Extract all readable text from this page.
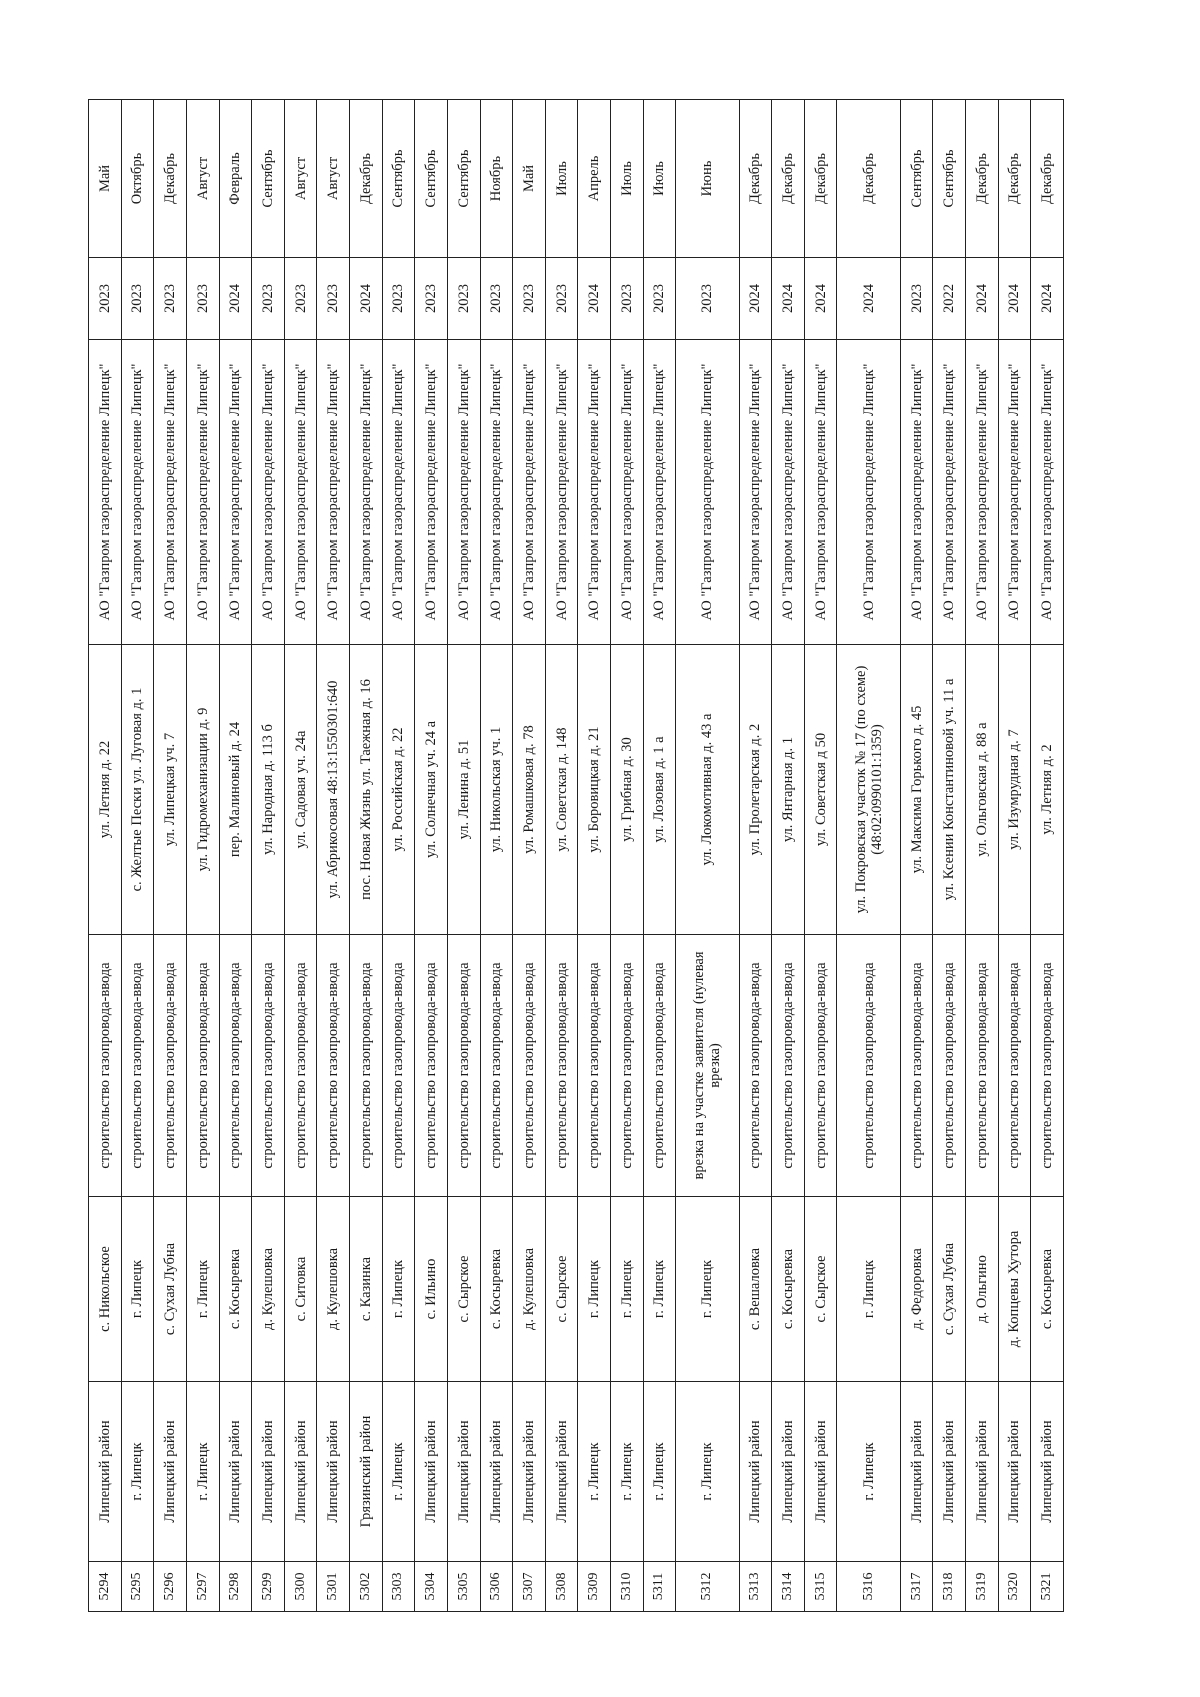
5294	Липецкий район	с. Никольское	строительство газопровода-ввода	ул. Летняя д. 22	АО "Газпром газораспределение Липецк"	2023	Май
5295	г. Липецк	г. Липецк	строительство газопровода-ввода	с. Желтые Пески ул. Луговая д. 1	АО "Газпром газораспределение Липецк"	2023	Октябрь
5296	Липецкий район	с. Сухая Лубна	строительство газопровода-ввода	ул. Липецкая уч. 7	АО "Газпром газораспределение Липецк"	2023	Декабрь
5297	г. Липецк	г. Липецк	строительство газопровода-ввода	ул. Гидромеханизации д. 9	АО "Газпром газораспределение Липецк"	2023	Август
5298	Липецкий район	с. Косыревка	строительство газопровода-ввода	пер. Малиновый д. 24	АО "Газпром газораспределение Липецк"	2024	Февраль
5299	Липецкий район	д. Кулешовка	строительство газопровода-ввода	ул. Народная д. 113 б	АО "Газпром газораспределение Липецк"	2023	Сентябрь
5300	Липецкий район	с. Ситовка	строительство газопровода-ввода	ул. Садовая уч. 24а	АО "Газпром газораспределение Липецк"	2023	Август
5301	Липецкий район	д. Кулешовка	строительство газопровода-ввода	ул. Абрикосовая 48:13:1550301:640	АО "Газпром газораспределение Липецк"	2023	Август
5302	Грязинский район	с. Казинка	строительство газопровода-ввода	пос. Новая Жизнь ул. Таежная д. 16	АО "Газпром газораспределение Липецк"	2024	Декабрь
5303	г. Липецк	г. Липецк	строительство газопровода-ввода	ул. Российская д. 22	АО "Газпром газораспределение Липецк"	2023	Сентябрь
5304	Липецкий район	с. Ильино	строительство газопровода-ввода	ул. Солнечная уч. 24 а	АО "Газпром газораспределение Липецк"	2023	Сентябрь
5305	Липецкий район	с. Сырское	строительство газопровода-ввода	ул. Ленина д. 51	АО "Газпром газораспределение Липецк"	2023	Сентябрь
5306	Липецкий район	с. Косыревка	строительство газопровода-ввода	ул. Никольская уч. 1	АО "Газпром газораспределение Липецк"	2023	Ноябрь
5307	Липецкий район	д. Кулешовка	строительство газопровода-ввода	ул. Ромашковая д. 78	АО "Газпром газораспределение Липецк"	2023	Май
5308	Липецкий район	с. Сырское	строительство газопровода-ввода	ул. Советская д. 148	АО "Газпром газораспределение Липецк"	2023	Июль
5309	г. Липецк	г. Липецк	строительство газопровода-ввода	ул. Боровицкая д. 21	АО "Газпром газораспределение Липецк"	2024	Апрель
5310	г. Липецк	г. Липецк	строительство газопровода-ввода	ул. Грибная д. 30	АО "Газпром газораспределение Липецк"	2023	Июль
5311	г. Липецк	г. Липецк	строительство газопровода-ввода	ул. Лозовая д. 1 а	АО "Газпром газораспределение Липецк"	2023	Июль
5312	г. Липецк	г. Липецк	врезка на участке заявителя (нулевая врезка)	ул. Локомотивная д. 43 а	АО "Газпром газораспределение Липецк"	2023	Июнь
5313	Липецкий район	с. Вешаловка	строительство газопровода-ввода	ул. Пролетарская д. 2	АО "Газпром газораспределение Липецк"	2024	Декабрь
5314	Липецкий район	с. Косыревка	строительство газопровода-ввода	ул. Янтарная д. 1	АО "Газпром газораспределение Липецк"	2024	Декабрь
5315	Липецкий район	с. Сырское	строительство газопровода-ввода	ул. Советская д 50	АО "Газпром газораспределение Липецк"	2024	Декабрь
5316	г. Липецк	г. Липецк	строительство газопровода-ввода	ул. Покровская участок № 17 (по схеме) (48:02:0990101:1359)	АО "Газпром газораспределение Липецк"	2024	Декабрь
5317	Липецкий район	д. Федоровка	строительство газопровода-ввода	ул. Максима Горького д. 45	АО "Газпром газораспределение Липецк"	2023	Сентябрь
5318	Липецкий район	с. Сухая Лубна	строительство газопровода-ввода	ул. Ксении Константиновой уч. 11 а	АО "Газпром газораспределение Липецк"	2022	Сентябрь
5319	Липецкий район	д. Ольгино	строительство газопровода-ввода	ул. Ольговская д. 88 а	АО "Газпром газораспределение Липецк"	2024	Декабрь
5320	Липецкий район	д. Копцевы Хутора	строительство газопровода-ввода	ул. Изумрудная д. 7	АО "Газпром газораспределение Липецк"	2024	Декабрь
5321	Липецкий район	с. Косыревка	строительство газопровода-ввода	ул. Летняя д. 2	АО "Газпром газораспределение Липецк"	2024	Декабрь
